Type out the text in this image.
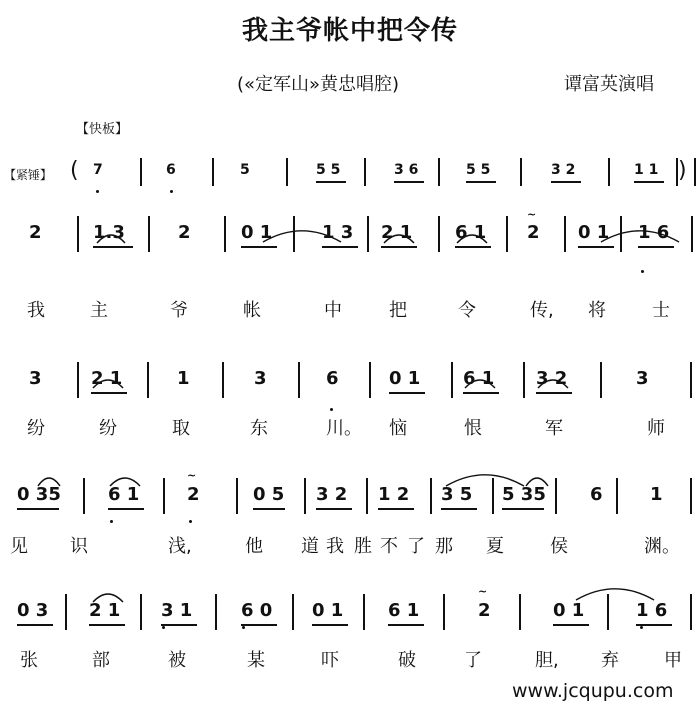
我主爷帐中把令传
(«定军山»黄忠唱腔)	谭富英演唱
【快板】
【紧锤】
www.jcqupu.com
(	)
7	6	5	5 5	3 6	5 5	3 2	1 1
2	1.3	2	0 1	1 3 2 1 6 1 2 0 1 1 6
~
我	主	爷	帐	中	把	令	传, 将	士
3	2 1	1	3	6	0 1 6 1 3 2	3
纷	纷	取	东	川。 恼	恨	军	师
0 35	6 1	2	0 5 3 2 1 2 3 5 5 35 6	1
~
见 识	浅,	他 道 我 胜 不 了 那 夏	侯	渊。
0 3 2 1 3 1	6 0 0 1 6 1	2	0 1	1 6
~
张	部	被	某	吓	破	了	胆, 弃	甲
